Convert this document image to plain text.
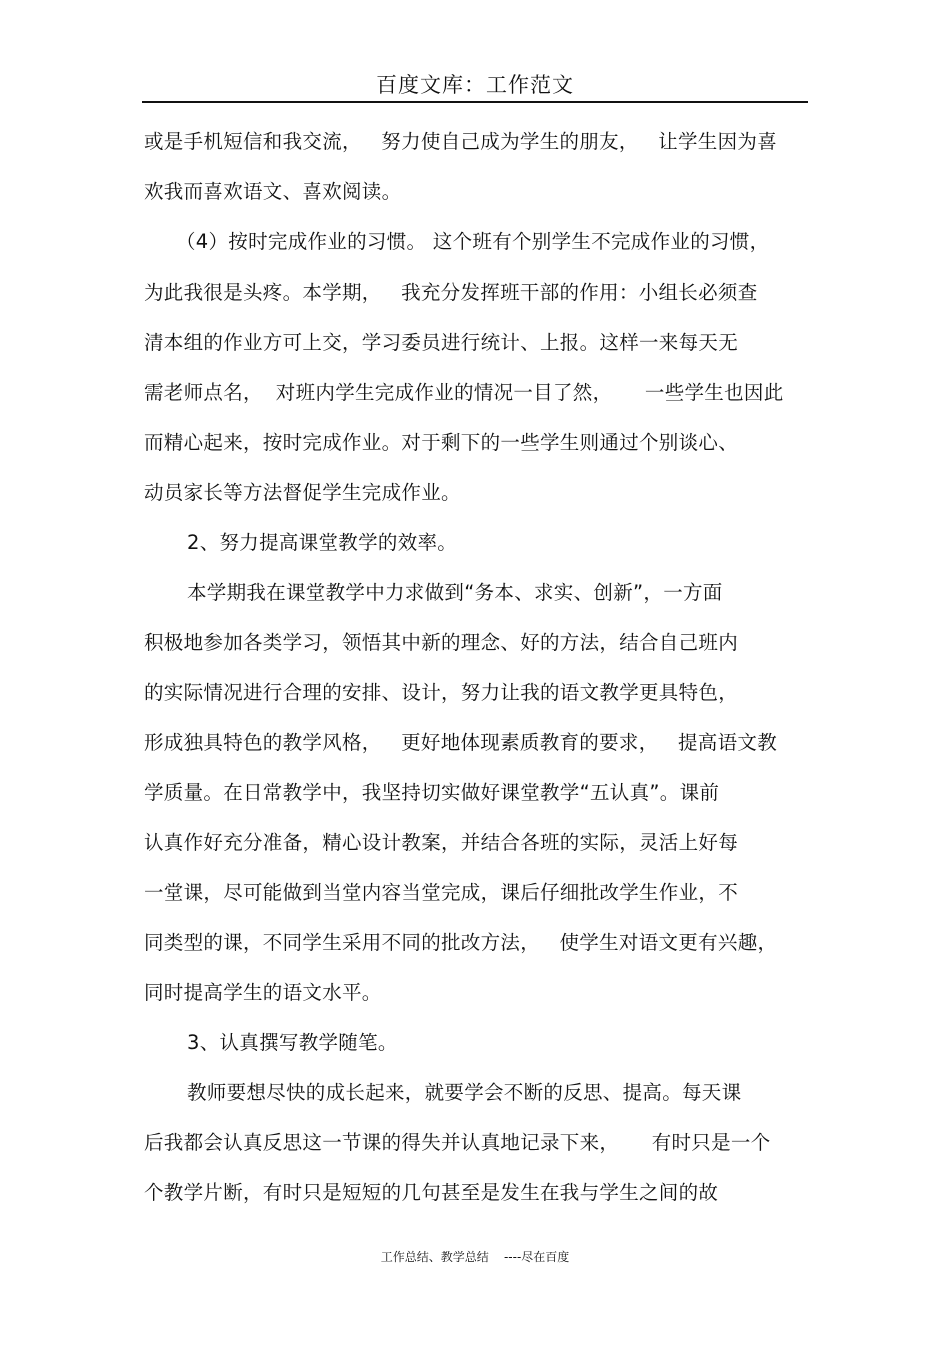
百度文库：工作范文
或是手机短信和我交流，   努力使自己成为学生的朋友，   让学生因为喜
欢我而喜欢语文、喜欢阅读。
（4）按时完成作业的习惯。 这个班有个别学生不完成作业的习惯，
为此我很是头疼。本学期，   我充分发挥班干部的作用：小组长必须查
清本组的作业方可上交，学习委员进行统计、上报。这样一来每天无
需老师点名，  对班内学生完成作业的情况一目了然，     一些学生也因此
而精心起来，按时完成作业。对于剩下的一些学生则通过个别谈心、
动员家长等方法督促学生完成作业。
2、努力提高课堂教学的效率。
本学期我在课堂教学中力求做到“务本、求实、创新”，一方面
积极地参加各类学习，领悟其中新的理念、好的方法，结合自己班内
的实际情况进行合理的安排、设计，努力让我的语文教学更具特色，
形成独具特色的教学风格，   更好地体现素质教育的要求，   提高语文教
学质量。在日常教学中，我坚持切实做好课堂教学“五认真”。课前
认真作好充分准备，精心设计教案，并结合各班的实际，灵活上好每
一堂课，尽可能做到当堂内容当堂完成，课后仔细批改学生作业，不
同类型的课，不同学生采用不同的批改方法，   使学生对语文更有兴趣，
同时提高学生的语文水平。
3、认真撰写教学随笔。
教师要想尽快的成长起来，就要学会不断的反思、提高。每天课
后我都会认真反思这一节课的得失并认真地记录下来，     有时只是一个
个教学片断，有时只是短短的几句甚至是发生在我与学生之间的故
工作总结、教学总结    ----尽在百度
